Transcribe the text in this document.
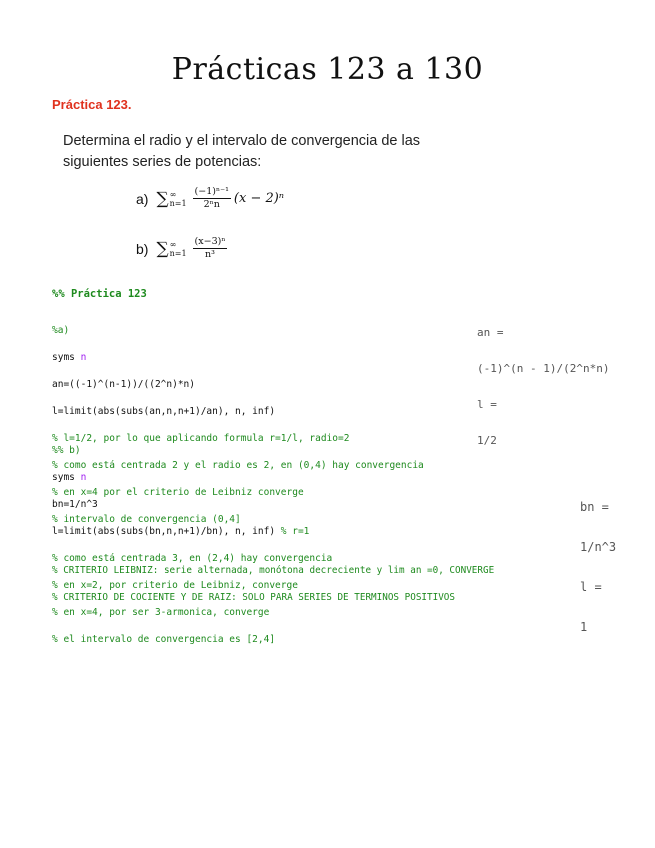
Prácticas 123 a 130
Práctica 123.
Determina el radio y el intervalo de convergencia de las siguientes series de potencias:
a) ∑ ∞
$n=1 \frac{\text{(−1)ⁿ⁻¹}}{\text{2ⁿn}} (x - 2)^n$
b) ∑ ∞
$n=1 \frac{\text{(x−3)ⁿ}}{\text{n³}}$
%% Práctica 123

%a)

syms n

an=((-1)^(n-1))/((2^n)*n)

l=limit(abs(subs(an,n,n+1)/an), n, inf)

% l=1/2, por lo que aplicando formula r=1/l, radio=2

% como está centrada 2 y el radio es 2, en (0,4) hay convergencia

% en x=4 por el criterio de Leibniz converge

% intervalo de convergencia (0,4]

an =

(-1)^(n - 1)/(2^n*n)

l =

1/2

%% b)

syms n

bn=1/n^3

l=limit(abs(subs(bn,n,n+1)/bn), n, inf) % r=1

% como está centrada 3, en (2,4) hay convergencia

% en x=2, por criterio de Leibniz, converge

% en x=4, por ser 3-armonica, converge

% el intervalo de convergencia es [2,4]

bn =

1/n^3

l =

1

% CRITERIO LEIBNIZ: serie alternada, monótona decreciente y lim an =0, CONVERGE

% CRITERIO DE COCIENTE Y DE RAIZ: SOLO PARA SERIES DE TERMINOS POSITIVOS
